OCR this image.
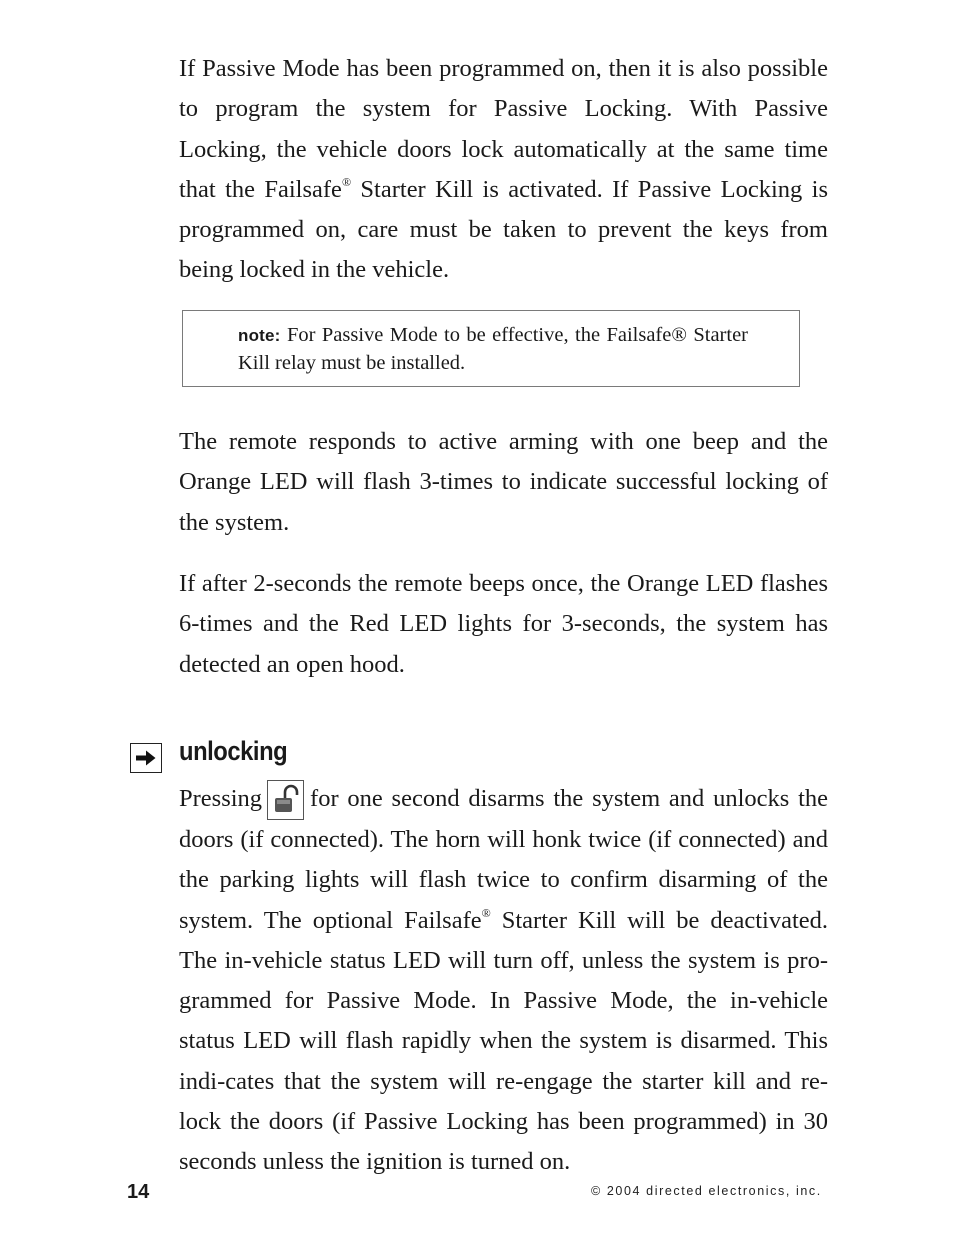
If Passive Mode has been programmed on, then it is also possible to program the system for Passive Locking. With Passive Locking, the vehicle doors lock automatically at the same time that the Failsafe® Starter Kill is activated. If Passive Locking is programmed on, care must be taken to prevent the keys from being locked in the vehicle.

note: For Passive Mode to be effective, the Failsafe® Starter Kill relay must be installed.

The remote responds to active arming with one beep and the Orange LED will flash 3-times to indicate successful locking of the system.

If after 2-seconds the remote beeps once, the Orange LED flashes 6-times and the Red LED lights for 3-seconds, the system has detected an open hood.

unlocking

Pressing for one second disarms the system and unlocks the doors (if connected). The horn will honk twice (if connected) and the parking lights will flash twice to confirm disarming of the system. The optional Failsafe® Starter Kill will be deactivated. The in-vehicle status LED will turn off, unless the system is pro-grammed for Passive Mode. In Passive Mode, the in-vehicle status LED will flash rapidly when the system is disarmed. This indi-cates that the system will re-engage the starter kill and re-lock the doors (if Passive Locking has been programmed) in 30 seconds unless the ignition is turned on.

14	© 2004 directed electronics, inc.
